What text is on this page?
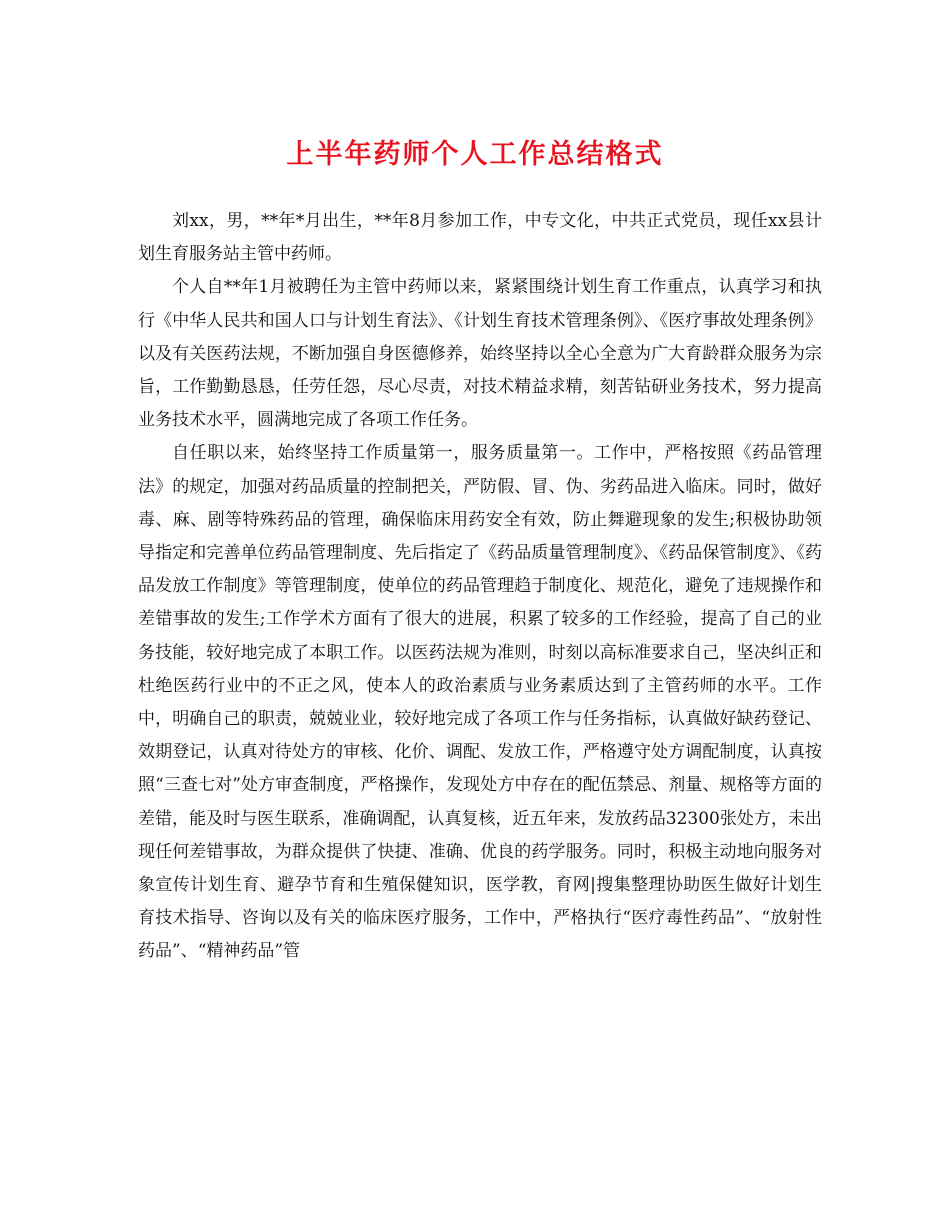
上半年药师个人工作总结格式

刘xx，男，**年*月出生，**年8月参加工作，中专文化，中共正式党员，现任xx县计划生育服务站主管中药师。

个人自**年1月被聘任为主管中药师以来，紧紧围绕计划生育工作重点，认真学习和执行《中华人民共和国人口与计划生育法》、《计划生育技术管理条例》、《医疗事故处理条例》以及有关医药法规，不断加强自身医德修养，始终坚持以全心全意为广大育龄群众服务为宗旨，工作勤勤恳恳，任劳任怨，尽心尽责，对技术精益求精，刻苦钻研业务技术，努力提高业务技术水平，圆满地完成了各项工作任务。

自任职以来，始终坚持工作质量第一，服务质量第一。工作中，严格按照《药品管理法》的规定，加强对药品质量的控制把关，严防假、冒、伪、劣药品进入临床。同时，做好毒、麻、剧等特殊药品的管理，确保临床用药安全有效，防止舞避现象的发生;积极协助领导指定和完善单位药品管理制度、先后指定了《药品质量管理制度》、《药品保管制度》、《药品发放工作制度》等管理制度，使单位的药品管理趋于制度化、规范化，避免了违规操作和差错事故的发生;工作学术方面有了很大的进展，积累了较多的工作经验，提高了自己的业务技能，较好地完成了本职工作。以医药法规为准则，时刻以高标准要求自己，坚决纠正和杜绝医药行业中的不正之风，使本人的政治素质与业务素质达到了主管药师的水平。工作中，明确自己的职责，兢兢业业，较好地完成了各项工作与任务指标，认真做好缺药登记、效期登记，认真对待处方的审核、化价、调配、发放工作，严格遵守处方调配制度，认真按照“三查七对”处方审查制度，严格操作，发现处方中存在的配伍禁忌、剂量、规格等方面的差错，能及时与医生联系，准确调配，认真复核，近五年来，发放药品32300张处方，未出现任何差错事故，为群众提供了快捷、准确、优良的药学服务。同时，积极主动地向服务对象宣传计划生育、避孕节育和生殖保健知识，医学教，育网|搜集整理协助医生做好计划生育技术指导、咨询以及有关的临床医疗服务，工作中，严格执行“医疗毒性药品”、“放射性药品”、“精神药品”管
